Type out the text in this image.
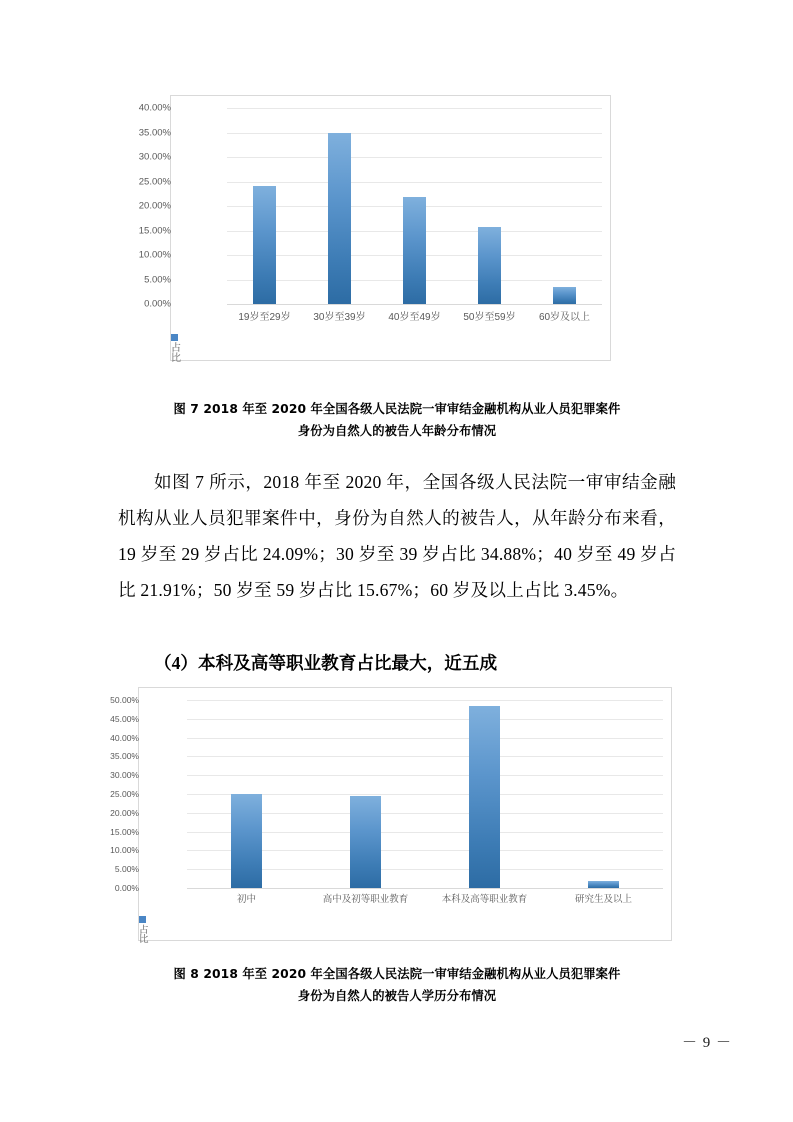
40.00%
35.00%
30.00%
25.00%
20.00%
15.00%
10.00%
5.00%
0.00%
19岁至29岁	30岁至39岁	40岁至49岁	50岁至59岁	60岁及以上
占比
图 7 2018 年至 2020 年全国各级人民法院一审审结金融机构从业人员犯罪案件
身份为自然人的被告人年龄分布情况
如图 7 所示，2018 年至 2020 年，全国各级人民法院一审审结金融机构从业人员犯罪案件中，身份为自然人的被告人，从年龄分布来看，19 岁至 29 岁占比 24.09%；30 岁至 39 岁占比 34.88%；40 岁至 49 岁占比 21.91%；50 岁至 59 岁占比 15.67%；60 岁及以上占比 3.45%。
（4）本科及高等职业教育占比最大，近五成
50.00%
45.00%
40.00%
35.00%
30.00%
25.00%
20.00%
15.00%
10.00%
5.00%
0.00%
初中	高中及初等职业教育	本科及高等职业教育	研究生及以上
占比
图 8 2018 年至 2020 年全国各级人民法院一审审结金融机构从业人员犯罪案件
身份为自然人的被告人学历分布情况
－ 9 －
